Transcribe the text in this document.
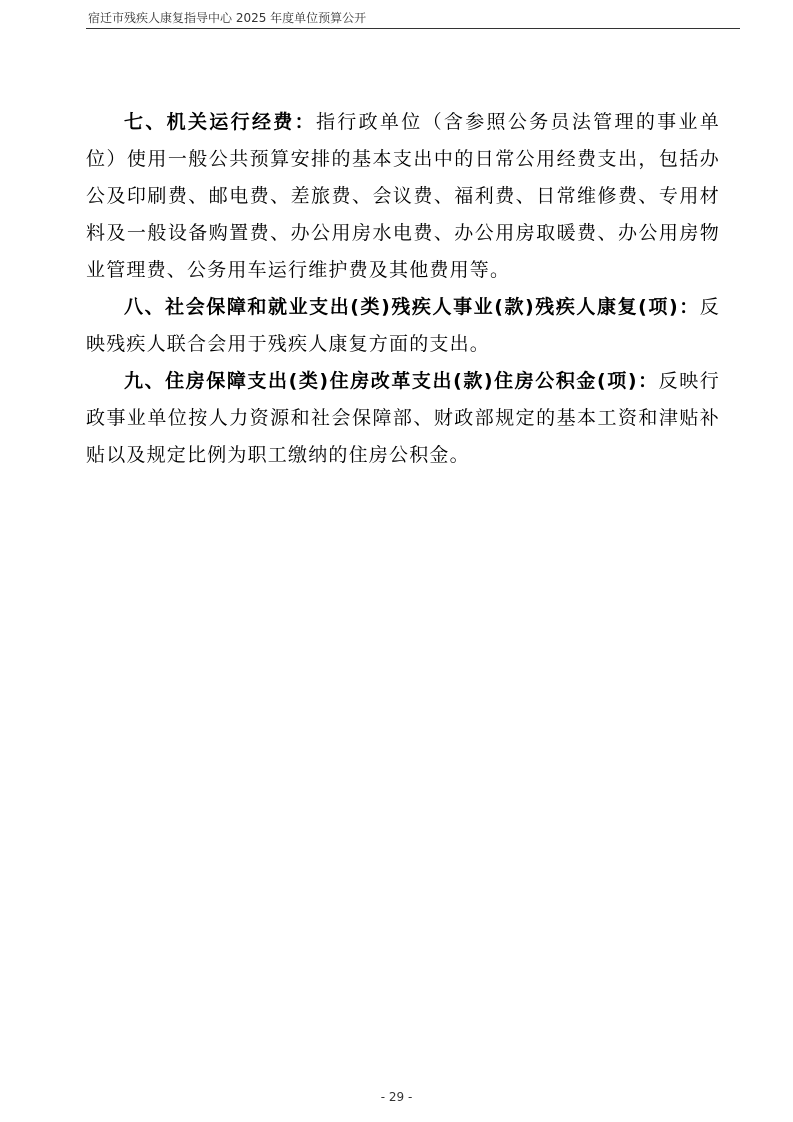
宿迁市残疾人康复指导中心 2025 年度单位预算公开

七、机关运行经费：指行政单位（含参照公务员法管理的事业单位）使用一般公共预算安排的基本支出中的日常公用经费支出，包括办公及印刷费、邮电费、差旅费、会议费、福利费、日常维修费、专用材料及一般设备购置费、办公用房水电费、办公用房取暖费、办公用房物业管理费、公务用车运行维护费及其他费用等。

八、社会保障和就业支出(类)残疾人事业(款)残疾人康复(项)：反映残疾人联合会用于残疾人康复方面的支出。

九、住房保障支出(类)住房改革支出(款)住房公积金(项)：反映行政事业单位按人力资源和社会保障部、财政部规定的基本工资和津贴补贴以及规定比例为职工缴纳的住房公积金。

- 29 -
